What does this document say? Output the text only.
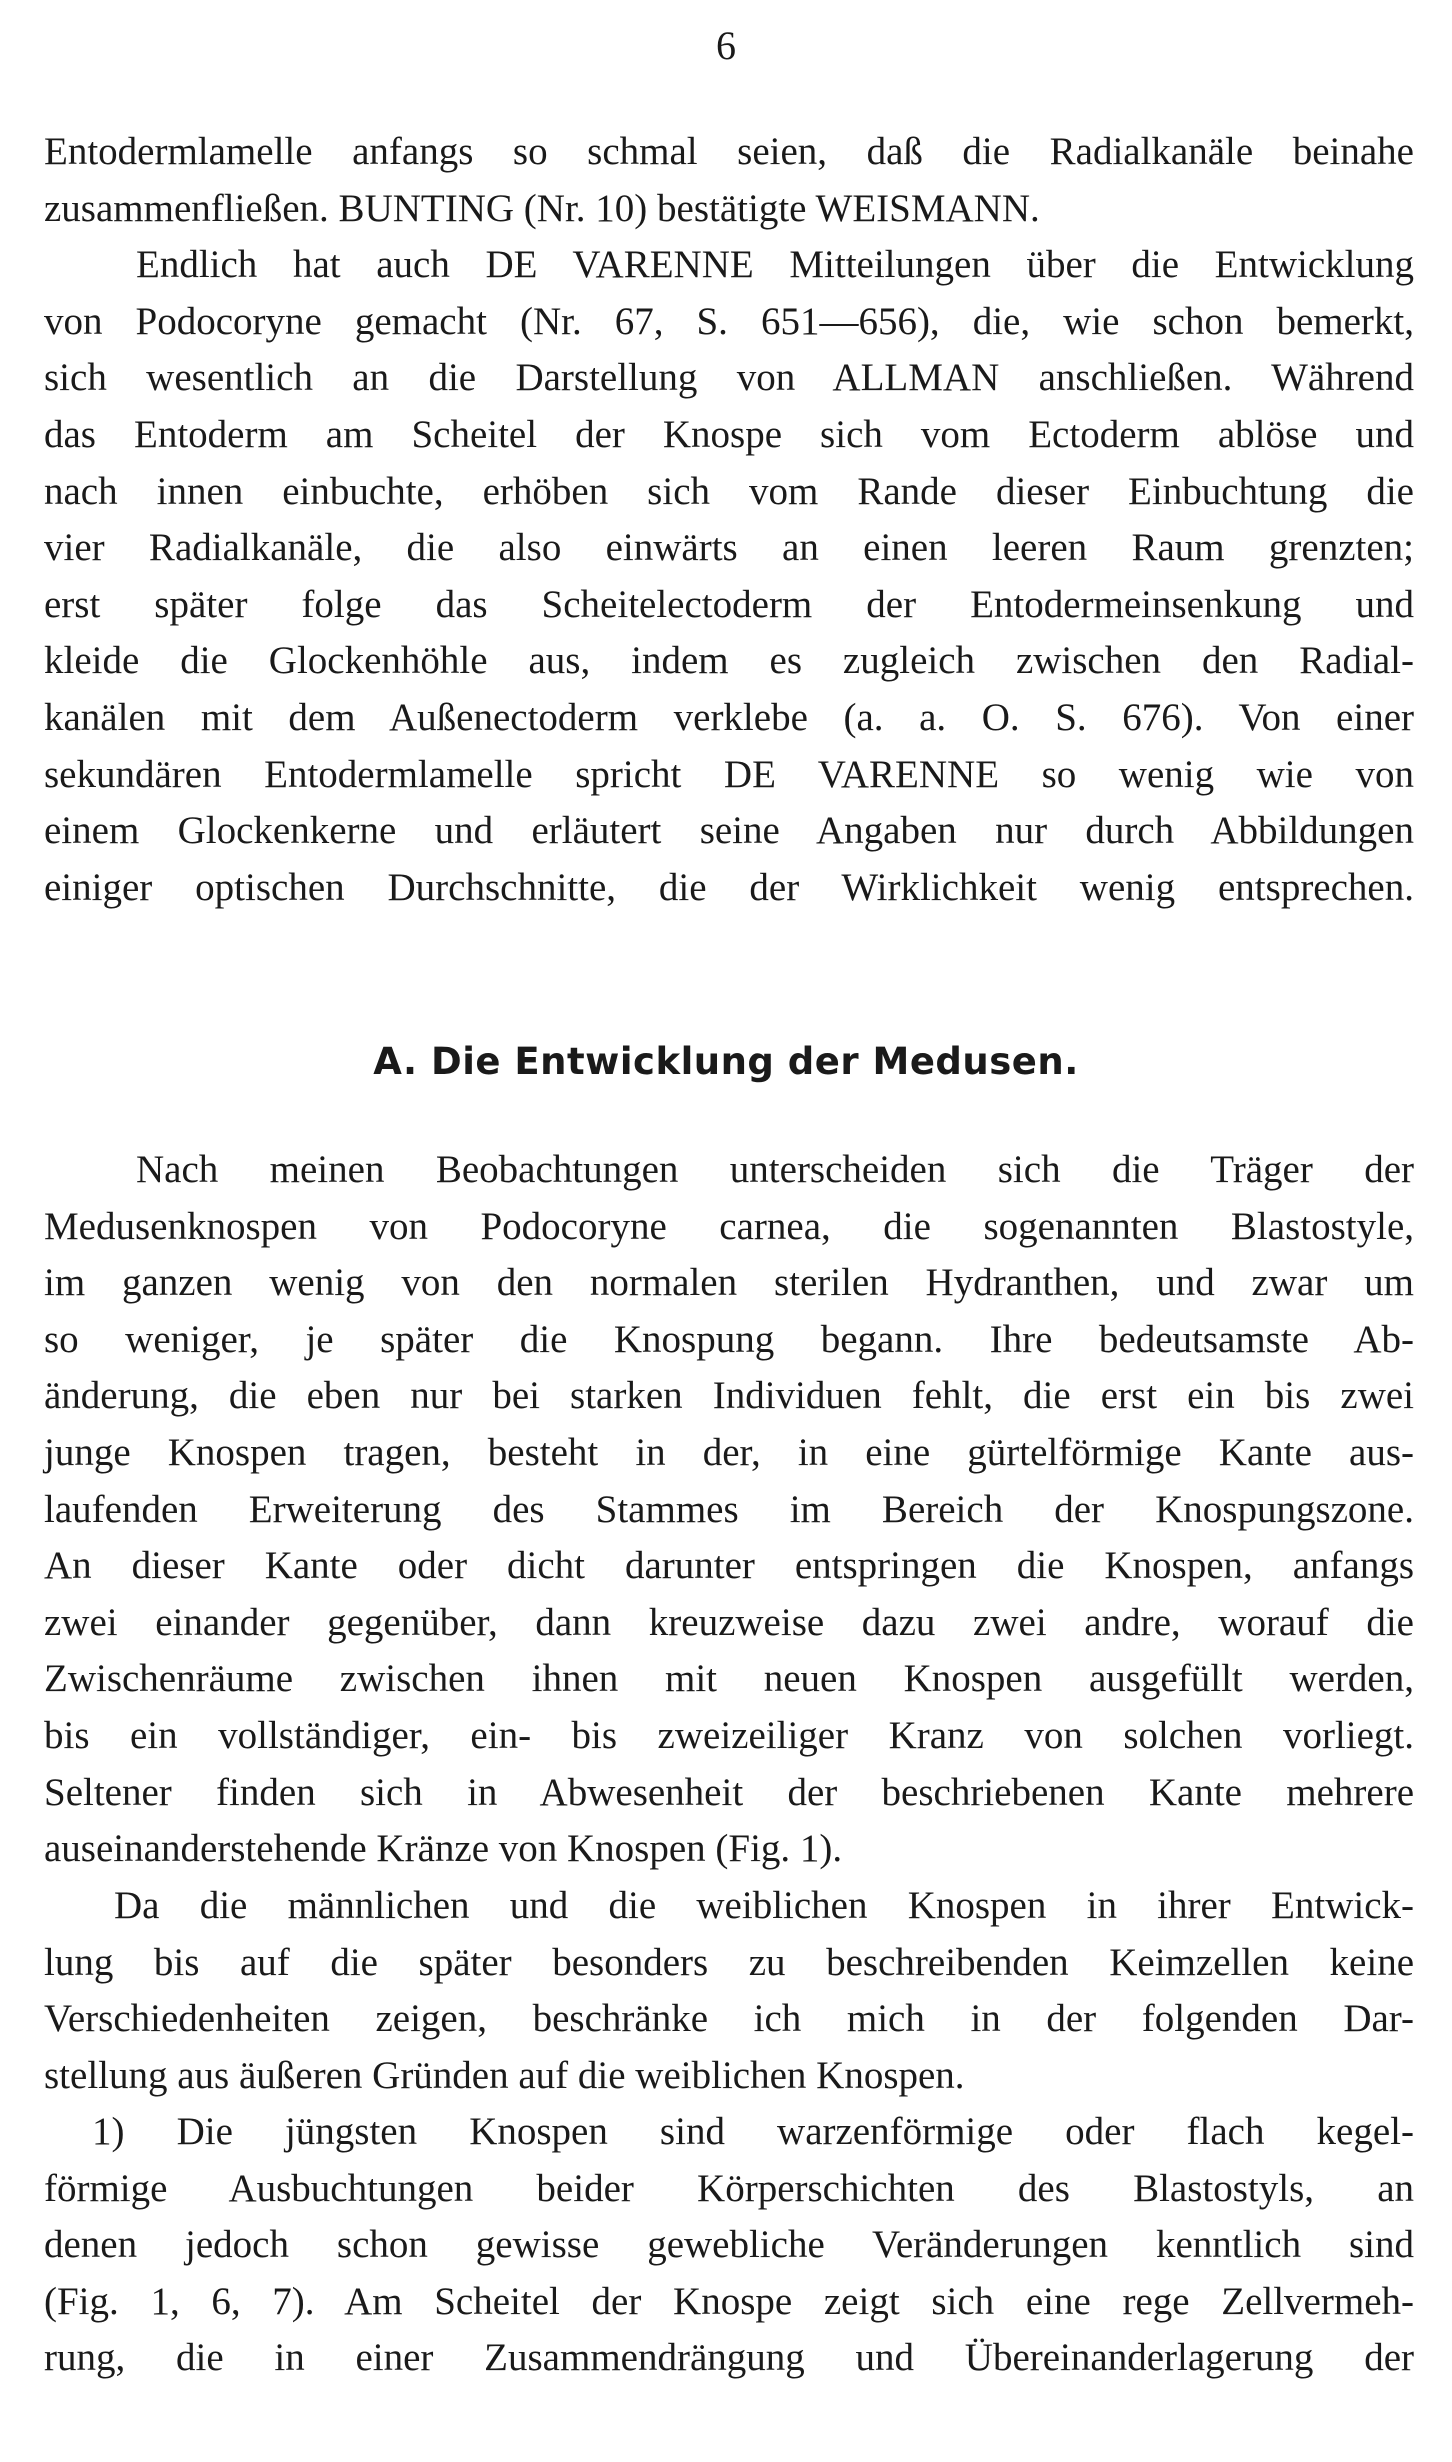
6
Entodermlamelle anfangs so schmal seien, daß die Radialkanäle beinahe
zusammenfließen. BUNTING (Nr. 10) bestätigte WEISMANN.
Endlich hat auch DE VARENNE Mitteilungen über die Entwicklung
von Podocoryne gemacht (Nr. 67, S. 651—656), die, wie schon bemerkt,
sich wesentlich an die Darstellung von ALLMAN anschließen. Während
das Entoderm am Scheitel der Knospe sich vom Ectoderm ablöse und
nach innen einbuchte, erhöben sich vom Rande dieser Einbuchtung die
vier Radialkanäle, die also einwärts an einen leeren Raum grenzten;
erst später folge das Scheitelectoderm der Entodermeinsenkung und
kleide die Glockenhöhle aus, indem es zugleich zwischen den Radial-
kanälen mit dem Außenectoderm verklebe (a. a. O. S. 676). Von einer
sekundären Entodermlamelle spricht DE VARENNE so wenig wie von
einem Glockenkerne und erläutert seine Angaben nur durch Abbildungen
einiger optischen Durchschnitte, die der Wirklichkeit wenig entsprechen.
A. Die Entwicklung der Medusen.
Nach meinen Beobachtungen unterscheiden sich die Träger der
Medusenknospen von Podocoryne carnea, die sogenannten Blastostyle,
im ganzen wenig von den normalen sterilen Hydranthen, und zwar um
so weniger, je später die Knospung begann. Ihre bedeutsamste Ab-
änderung, die eben nur bei starken Individuen fehlt, die erst ein bis zwei
junge Knospen tragen, besteht in der, in eine gürtelförmige Kante aus-
laufenden Erweiterung des Stammes im Bereich der Knospungszone.
An dieser Kante oder dicht darunter entspringen die Knospen, anfangs
zwei einander gegenüber, dann kreuzweise dazu zwei andre, worauf die
Zwischenräume zwischen ihnen mit neuen Knospen ausgefüllt werden,
bis ein vollständiger, ein- bis zweizeiliger Kranz von solchen vorliegt.
Seltener finden sich in Abwesenheit der beschriebenen Kante mehrere
auseinanderstehende Kränze von Knospen (Fig. 1).
Da die männlichen und die weiblichen Knospen in ihrer Entwick-
lung bis auf die später besonders zu beschreibenden Keimzellen keine
Verschiedenheiten zeigen, beschränke ich mich in der folgenden Dar-
stellung aus äußeren Gründen auf die weiblichen Knospen.
1) Die jüngsten Knospen sind warzenförmige oder flach kegel-
förmige Ausbuchtungen beider Körperschichten des Blastostyls, an
denen jedoch schon gewisse gewebliche Veränderungen kenntlich sind
(Fig. 1, 6, 7). Am Scheitel der Knospe zeigt sich eine rege Zellvermeh-
rung, die in einer Zusammendrängung und Übereinanderlagerung der
